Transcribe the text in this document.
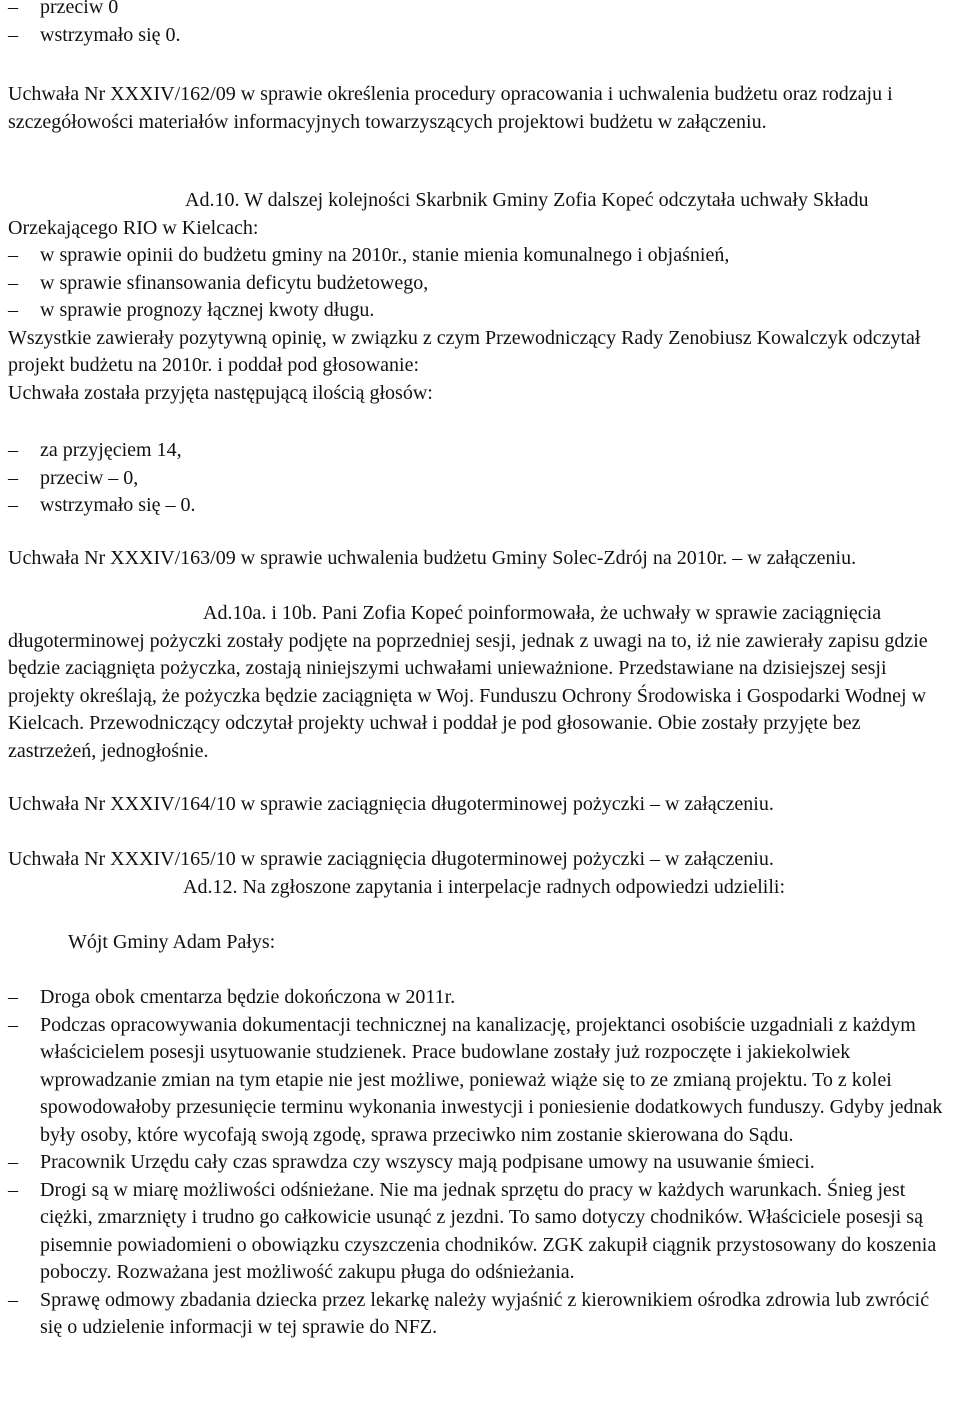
– przeciw 0
– wstrzymało się 0.

Uchwała Nr XXXIV/162/09 w sprawie określenia procedury opracowania i uchwalenia budżetu oraz rodzaju i szczegółowości materiałów informacyjnych towarzyszących projektowi budżetu w załączeniu.

Ad.10. W dalszej kolejności Skarbnik Gminy Zofia Kopeć odczytała uchwały Składu Orzekającego RIO w Kielcach:

– w sprawie opinii do budżetu gminy na 2010r., stanie mienia komunalnego i objaśnień,
– w sprawie sfinansowania deficytu budżetowego,
– w sprawie prognozy łącznej kwoty długu.

Wszystkie zawierały pozytywną opinię, w związku z czym Przewodniczący Rady Zenobiusz Kowalczyk odczytał projekt budżetu na 2010r. i poddał pod głosowanie:

Uchwała została przyjęta następującą ilością głosów:

– za przyjęciem 14,
– przeciw – 0,
– wstrzymało się – 0.

Uchwała Nr XXXIV/163/09 w sprawie uchwalenia budżetu Gminy Solec-Zdrój na 2010r. – w załączeniu.

Ad.10a. i 10b. Pani Zofia Kopeć poinformowała, że uchwały w sprawie zaciągnięcia długoterminowej pożyczki zostały podjęte na poprzedniej sesji, jednak z uwagi na to, iż nie zawierały zapisu gdzie będzie zaciągnięta pożyczka, zostają niniejszymi uchwałami unieważnione. Przedstawiane na dzisiejszej sesji projekty określają, że pożyczka będzie zaciągnięta w Woj. Funduszu Ochrony Środowiska i Gospodarki Wodnej w Kielcach. Przewodniczący odczytał projekty uchwał i poddał je pod głosowanie. Obie zostały przyjęte bez zastrzeżeń, jednogłośnie.

Uchwała Nr XXXIV/164/10 w sprawie zaciągnięcia długoterminowej pożyczki – w załączeniu.

Uchwała Nr XXXIV/165/10 w sprawie zaciągnięcia długoterminowej pożyczki – w załączeniu.

Ad.12. Na zgłoszone zapytania i interpelacje radnych odpowiedzi udzielili:

Wójt Gminy Adam Pałys:

– Droga obok cmentarza będzie dokończona w 2011r.
– Podczas opracowywania dokumentacji technicznej na kanalizację, projektanci osobiście uzgadniali z każdym właścicielem posesji usytuowanie studzienek. Prace budowlane zostały już rozpoczęte i jakiekolwiek wprowadzanie zmian na tym etapie nie jest możliwe, ponieważ wiąże się to ze zmianą projektu. To z kolei spowodowałoby przesunięcie terminu wykonania inwestycji i poniesienie dodatkowych funduszy. Gdyby jednak były osoby, które wycofają swoją zgodę, sprawa przeciwko nim zostanie skierowana do Sądu.
– Pracownik Urzędu cały czas sprawdza czy wszyscy mają podpisane umowy na usuwanie śmieci.
– Drogi są w miarę możliwości odśnieżane. Nie ma jednak sprzętu do pracy w każdych warunkach. Śnieg jest ciężki, zmarznięty i trudno go całkowicie usunąć z jezdni. To samo dotyczy chodników. Właściciele posesji są pisemnie powiadomieni o obowiązku czyszczenia chodników. ZGK zakupił ciągnik przystosowany do koszenia poboczy. Rozważana jest możliwość zakupu pługa do odśnieżania.
– Sprawę odmowy zbadania dziecka przez lekarkę należy wyjaśnić z kierownikiem ośrodka zdrowia lub zwrócić się o udzielenie informacji w tej sprawie do NFZ.
